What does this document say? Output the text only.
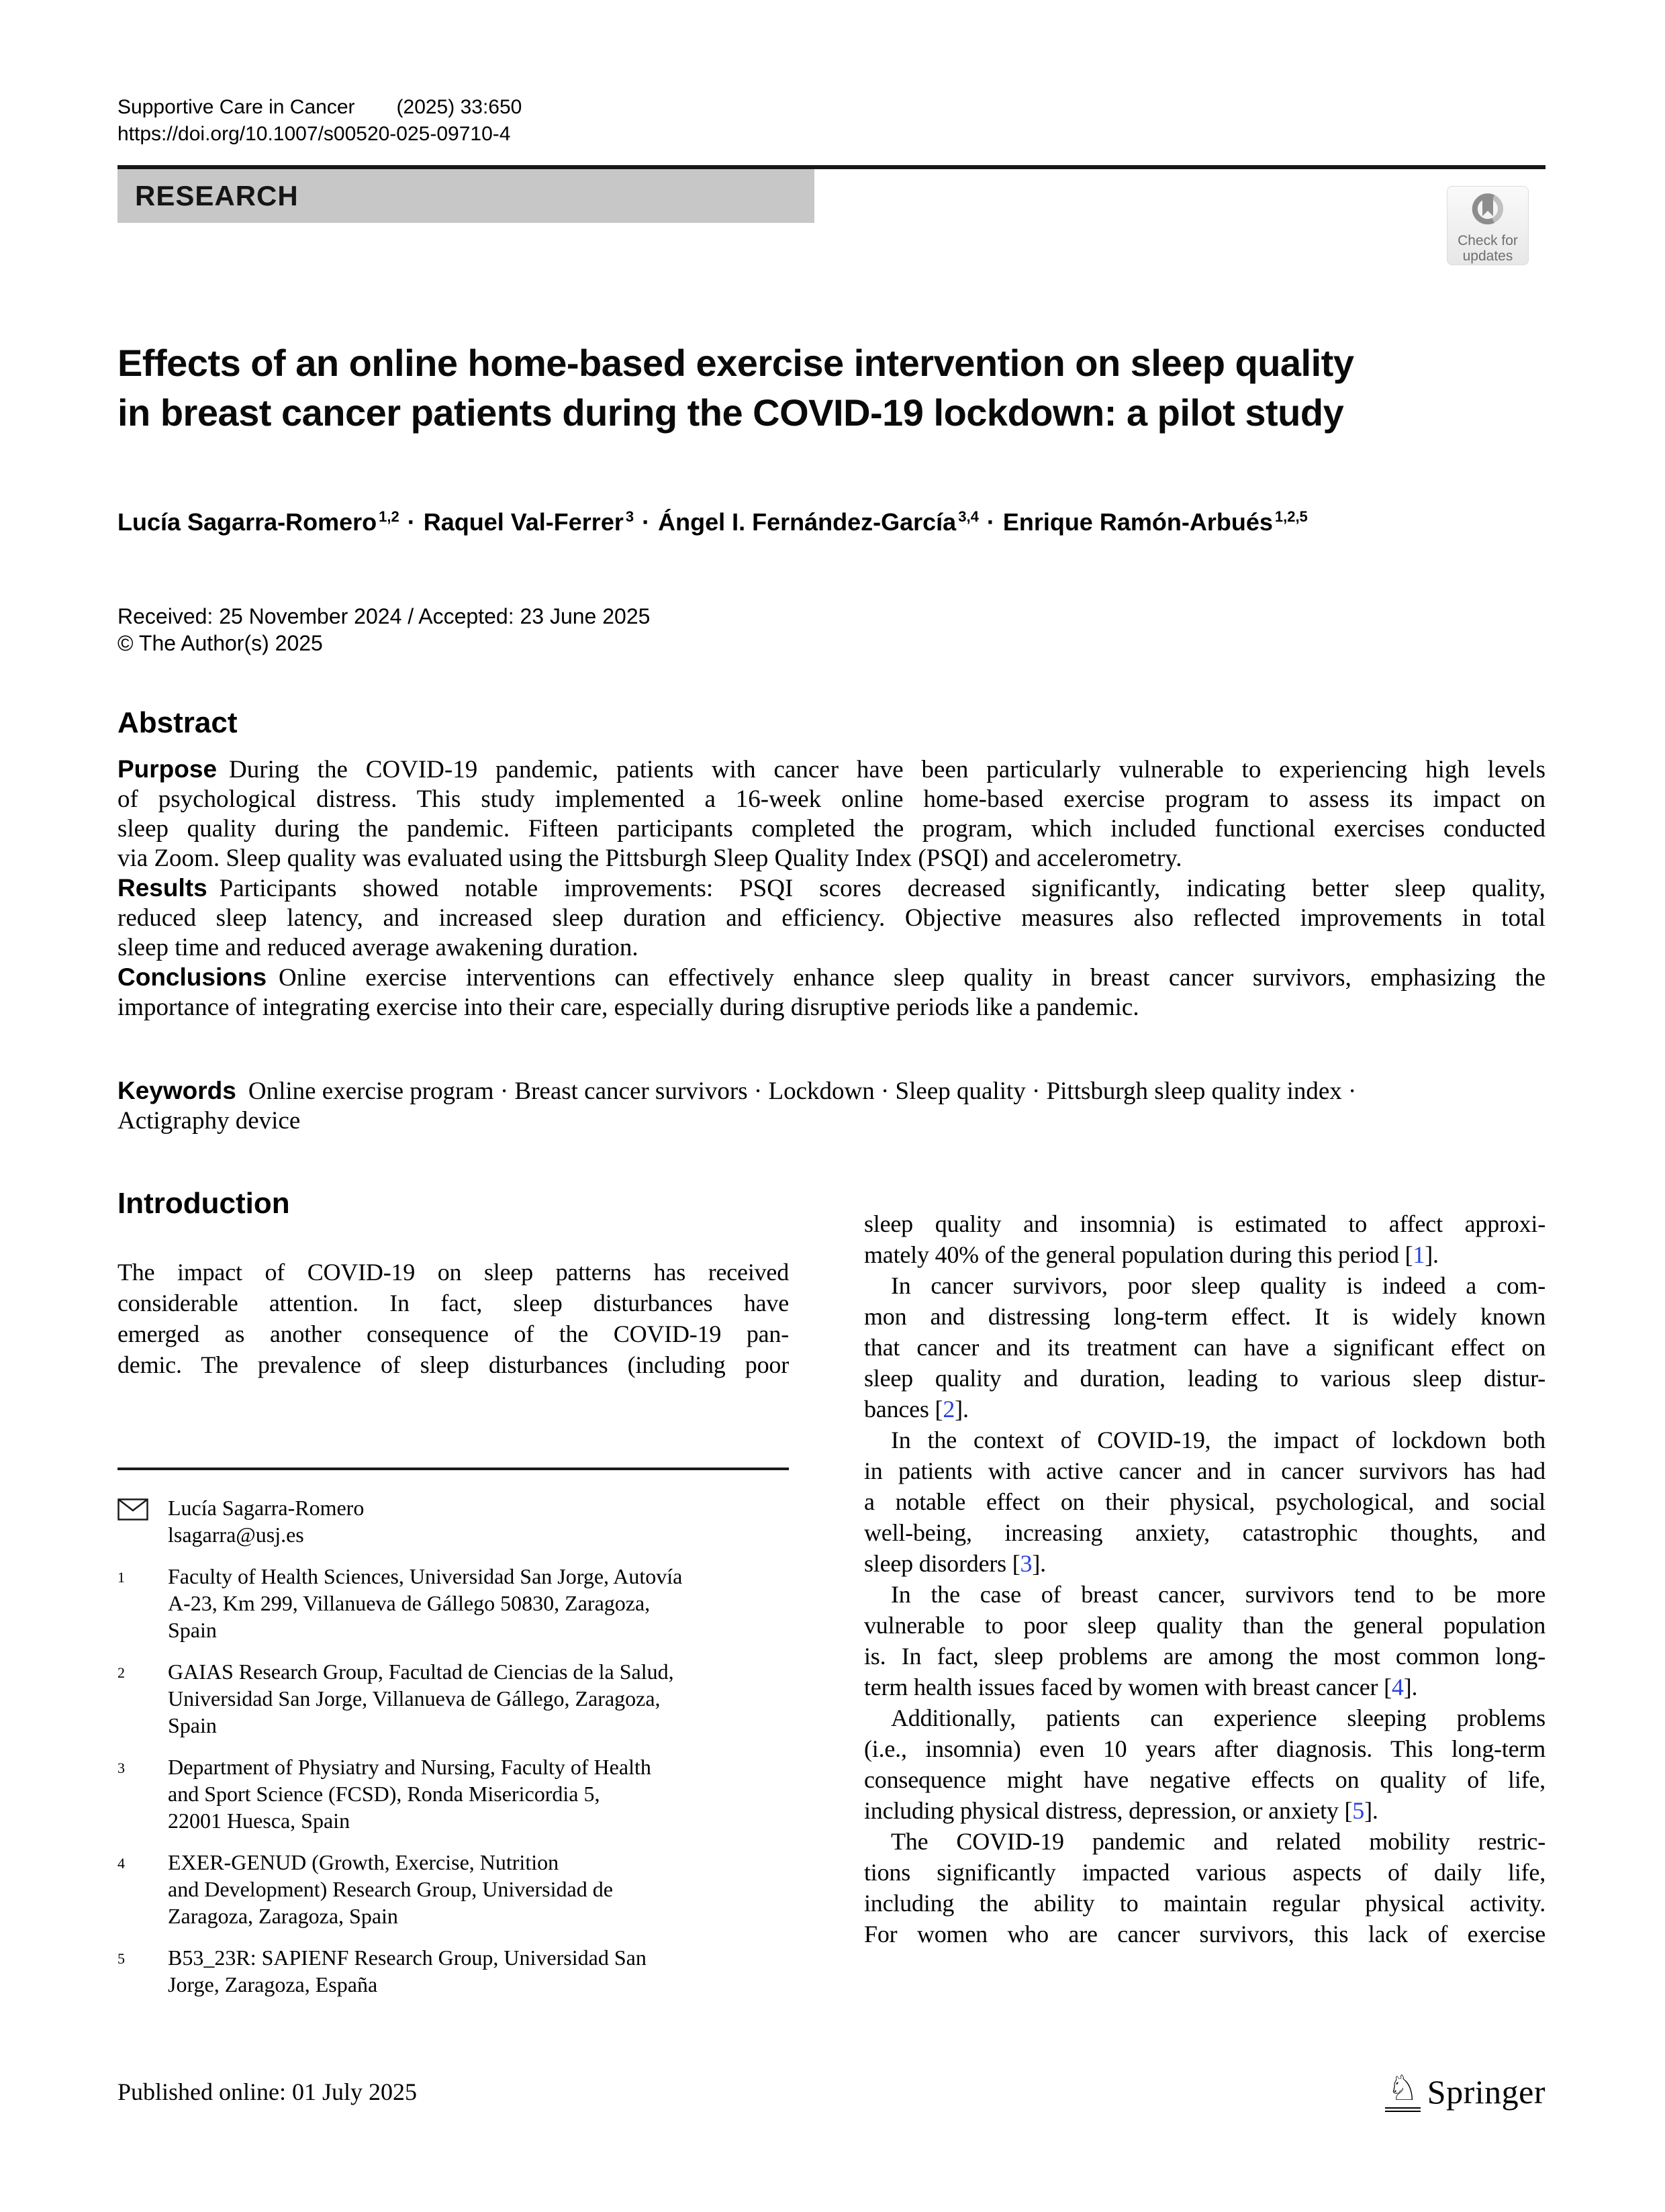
Supportive Care in Cancer (2025) 33:650
https://doi.org/10.1007/s00520-025-09710-4
RESEARCH
Effects of an online home-based exercise intervention on sleep quality
in breast cancer patients during the COVID-19 lockdown: a pilot study
Lucía Sagarra-Romero $^{1,2}$ · Raquel Val-Ferrer $^3$ · Ángel I. Fernández-García $^{3,4}$ · Enrique Ramón-Arbués $^{1,2,5}$
Received: 25 November 2024 / Accepted: 23 June 2025
© The Author(s) 2025
Abstract
Purpose During the COVID-19 pandemic, patients with cancer have been particularly vulnerable to experiencing high levels
of psychological distress. This study implemented a 16-week online home-based exercise program to assess its impact on
sleep quality during the pandemic. Fifteen participants completed the program, which included functional exercises conducted
via Zoom. Sleep quality was evaluated using the Pittsburgh Sleep Quality Index (PSQI) and accelerometry.
Results Participants showed notable improvements: PSQI scores decreased significantly, indicating better sleep quality,
reduced sleep latency, and increased sleep duration and efficiency. Objective measures also reflected improvements in total
sleep time and reduced average awakening duration.
Conclusions Online exercise interventions can effectively enhance sleep quality in breast cancer survivors, emphasizing the
importance of integrating exercise into their care, especially during disruptive periods like a pandemic.
Keywords Online exercise program · Breast cancer survivors · Lockdown · Sleep quality · Pittsburgh sleep quality index ·
Actigraphy device
Introduction
The impact of COVID-19 on sleep patterns has received
considerable attention. In fact, sleep disturbances have
emerged as another consequence of the COVID-19 pan-
demic. The prevalence of sleep disturbances (including poor
Lucía Sagarra-Romero
lsagarra@usj.es
1	Faculty of Health Sciences, Universidad San Jorge, Autovía
A-23, Km 299, Villanueva de Gállego 50830, Zaragoza,
Spain
2	GAIAS Research Group, Facultad de Ciencias de la Salud,
Universidad San Jorge, Villanueva de Gállego, Zaragoza,
Spain
3	Department of Physiatry and Nursing, Faculty of Health
and Sport Science (FCSD), Ronda Misericordia 5,
22001 Huesca, Spain
4	EXER-GENUD (Growth, Exercise, Nutrition
and Development) Research Group, Universidad de
Zaragoza, Zaragoza, Spain
5	B53_23R: SAPIENF Research Group, Universidad San
Jorge, Zaragoza, España
sleep quality and insomnia) is estimated to affect approxi-
mately 40% of the general population during this period [1].
In cancer survivors, poor sleep quality is indeed a com-
mon and distressing long-term effect. It is widely known
that cancer and its treatment can have a significant effect on
sleep quality and duration, leading to various sleep distur-
bances [2].
In the context of COVID-19, the impact of lockdown both
in patients with active cancer and in cancer survivors has had
a notable effect on their physical, psychological, and social
well-being, increasing anxiety, catastrophic thoughts, and
sleep disorders [3].
In the case of breast cancer, survivors tend to be more
vulnerable to poor sleep quality than the general population
is. In fact, sleep problems are among the most common long-
term health issues faced by women with breast cancer [4].
Additionally, patients can experience sleeping problems
(i.e., insomnia) even 10 years after diagnosis. This long-term
consequence might have negative effects on quality of life,
including physical distress, depression, or anxiety [5].
The COVID-19 pandemic and related mobility restric-
tions significantly impacted various aspects of daily life,
including the ability to maintain regular physical activity.
For women who are cancer survivors, this lack of exercise
Check for
updates
Published online: 01 July 2025	♘ Springer
